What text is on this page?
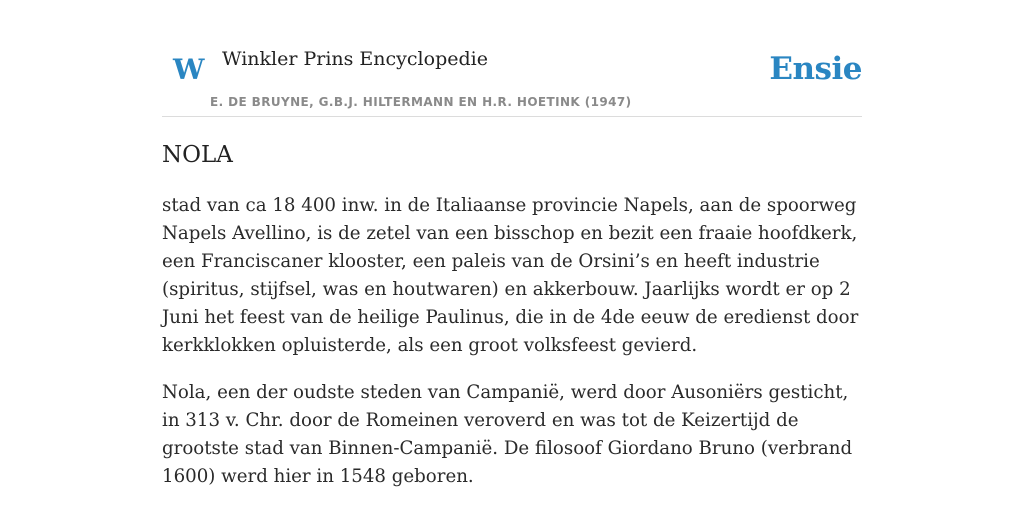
W Winkler Prins Encyclopedie
E. DE BRUYNE, G.B.J. HILTERMANN EN H.R. HOETINK (1947)
Ensie
NOLA

stad van ca 18 400 inw. in de Italiaanse provincie Napels, aan de spoorweg Napels Avellino, is de zetel van een bisschop en bezit een fraaie hoofdkerk, een Franciscaner klooster, een paleis van de Orsini’s en heeft industrie (spiritus, stijfsel, was en houtwaren) en akkerbouw. Jaarlijks wordt er op 2 Juni het feest van de heilige Paulinus, die in de 4de eeuw de eredienst door kerkklokken opluisterde, als een groot volksfeest gevierd.

Nola, een der oudste steden van Campanië, werd door Ausoniërs gesticht, in 313 v. Chr. door de Romeinen veroverd en was tot de Keizertijd de grootste stad van Binnen-Campanië. De filosoof Giordano Bruno (verbrand 1600) werd hier in 1548 geboren.
